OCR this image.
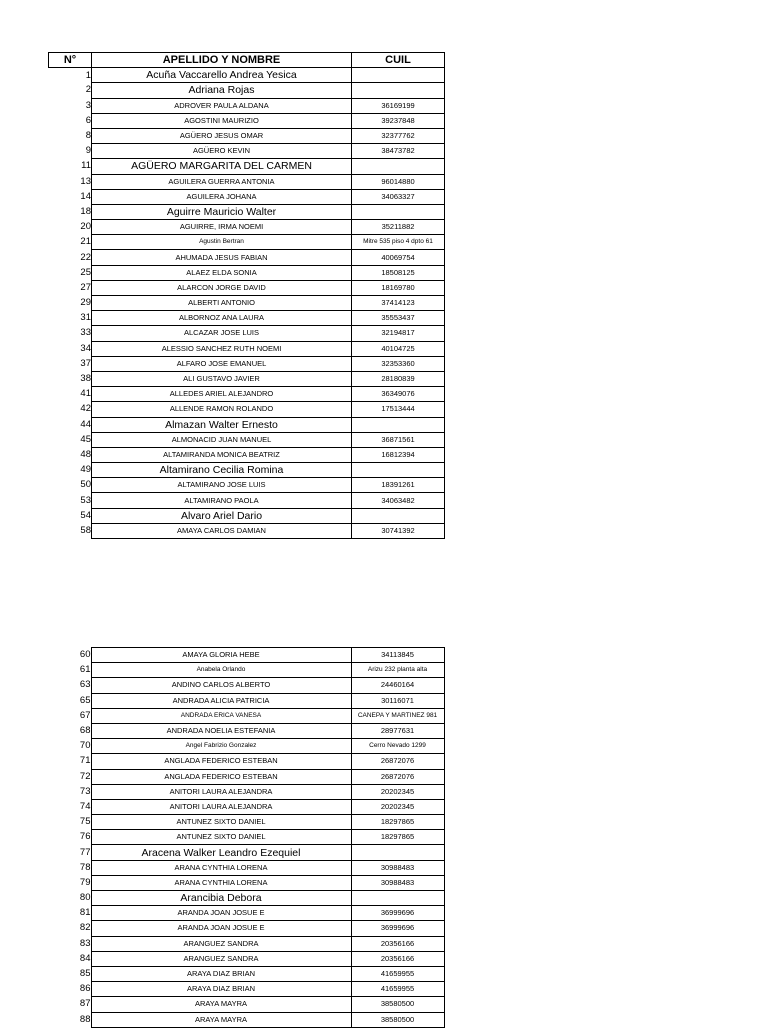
N°	APELLIDO Y NOMBRE	CUIL
1	Acuña Vaccarello Andrea Yesica	
2	Adriana Rojas	
3	ADROVER PAULA ALDANA	36169199
6	AGOSTINI MAURIZIO	39237848
8	AGÜERO JESUS OMAR	32377762
9	AGÜERO KEVIN	38473782
11	AGÜERO MARGARITA DEL CARMEN	
13	AGUILERA GUERRA ANTONIA	96014880
14	AGUILERA JOHANA	34063327
18	Aguirre Mauricio Walter	
20	AGUIRRE, IRMA NOEMI	35211882
21	Agustin Bertran	Mitre 535 piso 4 dpto 61
22	AHUMADA JESUS FABIAN	40069754
25	ALAEZ ELDA SONIA	18508125
27	ALARCON JORGE DAVID	18169780
29	ALBERTI ANTONIO	37414123
31	ALBORNOZ ANA LAURA	35553437
33	ALCAZAR JOSE LUIS	32194817
34	ALESSIO SANCHEZ RUTH NOEMI	40104725
37	ALFARO JOSE EMANUEL	32353360
38	ALI GUSTAVO JAVIER	28180839
41	ALLEDES ARIEL ALEJANDRO	36349076
42	ALLENDE RAMON ROLANDO	17513444
44	Almazan Walter Ernesto	
45	ALMONACID JUAN MANUEL	36871561
48	ALTAMIRANDA MONICA BEATRIZ	16812394
49	Altamirano Cecilia Romina	
50	ALTAMIRANO JOSE LUIS	18391261
53	ALTAMIRANO PAOLA	34063482
54	Alvaro Ariel Dario	
58	AMAYA CARLOS DAMIAN	30741392
60	AMAYA GLORIA HEBE	34113845
61	Anabela Orlando	Arizu 232 planta alta
63	ANDINO CARLOS ALBERTO	24460164
65	ANDRADA ALICIA PATRICIA	30116071
67	ANDRADA ERICA VANESA	CANEPA Y MARTINEZ 981
68	ANDRADA NOELIA ESTEFANIA	28977631
70	Angel Fabrizio Gonzalez	Cerro Nevado 1299
71	ANGLADA FEDERICO ESTEBAN	26872076
72	ANGLADA FEDERICO ESTEBAN	26872076
73	ANITORI LAURA ALEJANDRA	20202345
74	ANITORI LAURA ALEJANDRA	20202345
75	ANTUNEZ SIXTO DANIEL	18297865
76	ANTUNEZ SIXTO DANIEL	18297865
77	Aracena Walker Leandro Ezequiel	
78	ARANA CYNTHIA LORENA	30988483
79	ARANA CYNTHIA LORENA	30988483
80	Arancibia Debora	
81	ARANDA JOAN JOSUE E	36999696
82	ARANDA JOAN JOSUE E	36999696
83	ARANGUEZ SANDRA	20356166
84	ARANGUEZ SANDRA	20356166
85	ARAYA DIAZ BRIAN	41659955
86	ARAYA DIAZ BRIAN	41659955
87	ARAYA MAYRA	38580500
88	ARAYA MAYRA	38580500
